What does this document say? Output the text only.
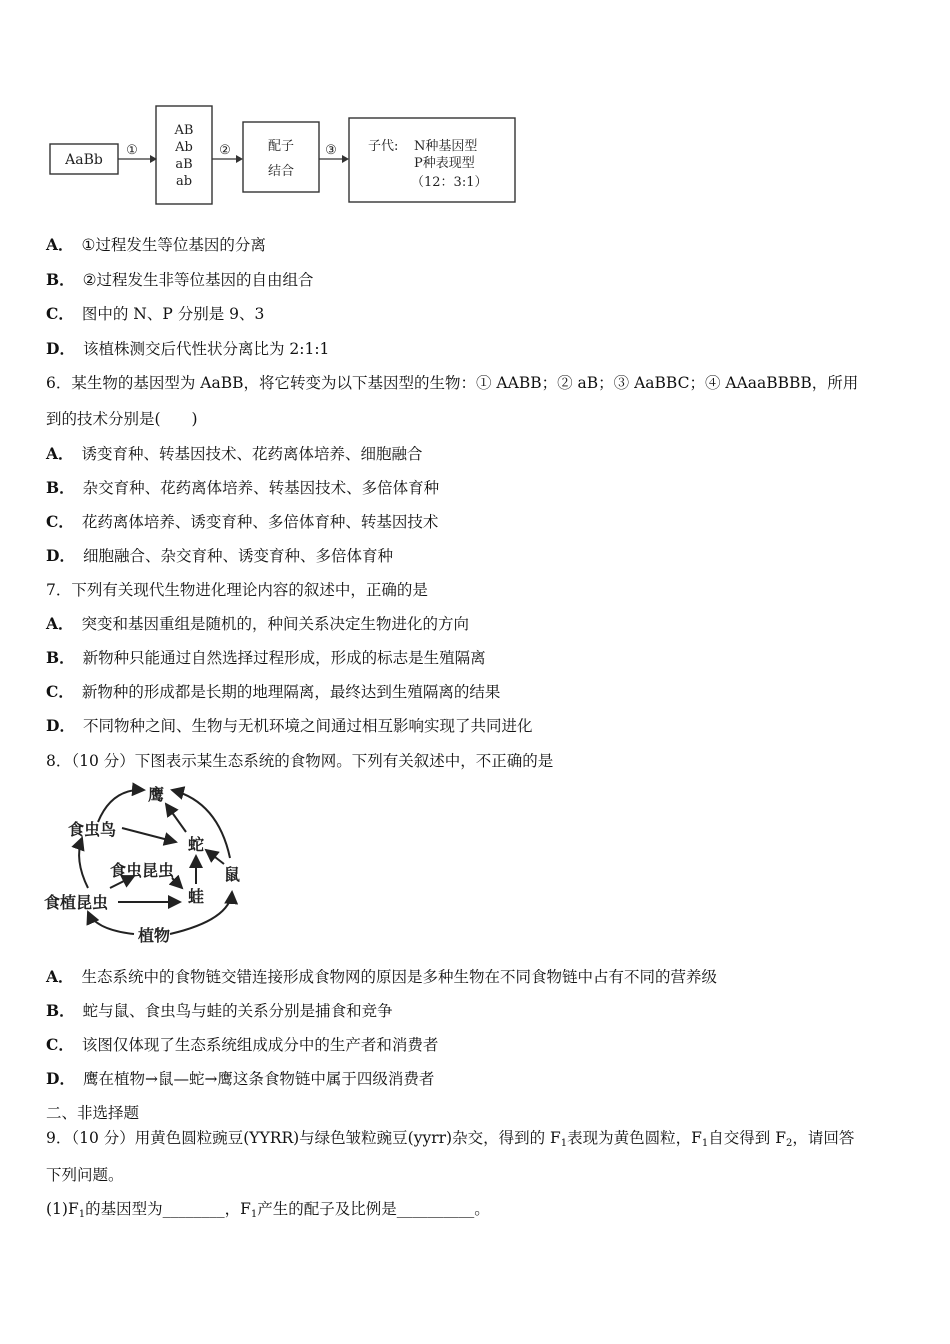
AaBb
①
AB
Ab
aB
ab
②	配子
结合
③ 子代: N种基因型
P种表现型
（12：3:1）
A． ①过程发生等位基因的分离
B． ②过程发生非等位基因的自由组合
C． 图中的 N、P 分别是 9、3
D． 该植株测交后代性状分离比为 2:1:1
6．某生物的基因型为 AaBB，将它转变为以下基因型的生物：① AABB；② aB；③ AaBBC；④ AAaaBBBB，所用
到的技术分别是(　　)
A． 诱变育种、转基因技术、花药离体培养、细胞融合
B． 杂交育种、花药离体培养、转基因技术、多倍体育种
C． 花药离体培养、诱变育种、多倍体育种、转基因技术
D． 细胞融合、杂交育种、诱变育种、多倍体育种
7．下列有关现代生物进化理论内容的叙述中，正确的是
A． 突变和基因重组是随机的，种间关系决定生物进化的方向
B． 新物种只能通过自然选择过程形成，形成的标志是生殖隔离
C． 新物种的形成都是长期的地理隔离，最终达到生殖隔离的结果
D． 不同物种之间、生物与无机环境之间通过相互影响实现了共同进化
8．（10 分）下图表示某生态系统的食物网。下列有关叙述中，不正确的是
鹰
食虫鸟
蛇
食虫昆虫	鼠
蛙
食植昆虫
植物
A． 生态系统中的食物链交错连接形成食物网的原因是多种生物在不同食物链中占有不同的营养级
B． 蛇与鼠、食虫鸟与蛙的关系分别是捕食和竞争
C． 该图仅体现了生态系统组成成分中的生产者和消费者
D． 鹰在植物→鼠—蛇→鹰这条食物链中属于四级消费者
二、非选择题
9．（10 分）用黄色圆粒豌豆(YYRR)与绿色皱粒豌豆(yyrr)杂交，得到的 $F_1$表现为黄色圆粒，$F_1$自交得到 $F_2$，请回答
下列问题。
$(1)F_1$的基因型为________，$F_1$产生的配子及比例是__________。
